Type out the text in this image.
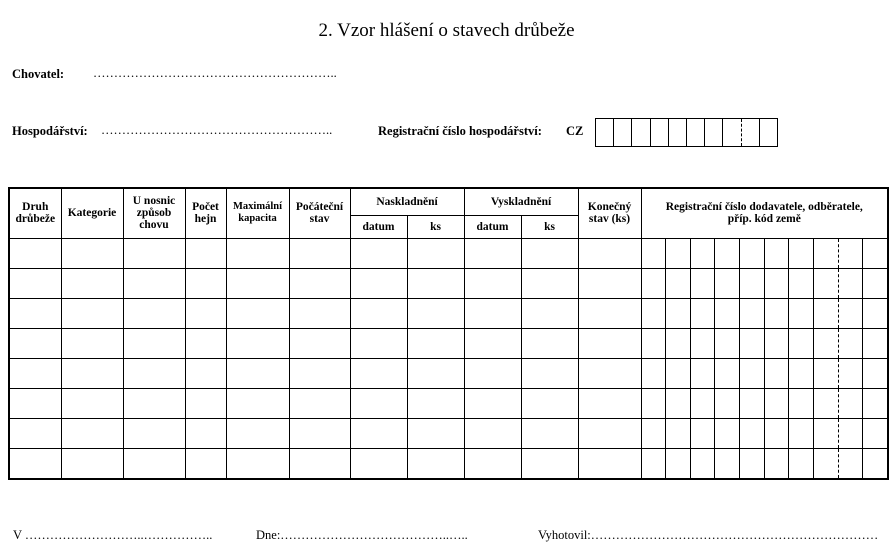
2. Vzor hlášení o stavech drůbeže
Chovatel: …………………………………………………..
Hospodářství: ………………………………………………..	Registrační číslo hospodářství: CZ
Druh drůbeže	Kategorie	U nosnic způsob chovu	Počet hejn	Maximální kapacita	Počáteční stav	Naskladnění		Vyskladnění		Konečný stav (ks)	Registrační číslo dodavatele, odběratele, příp. kód země
						datum	ks	datum	ks		

V ………………………..……………..	Dne:…………………………………..…..	Vyhotovil:……………………………………………………………
